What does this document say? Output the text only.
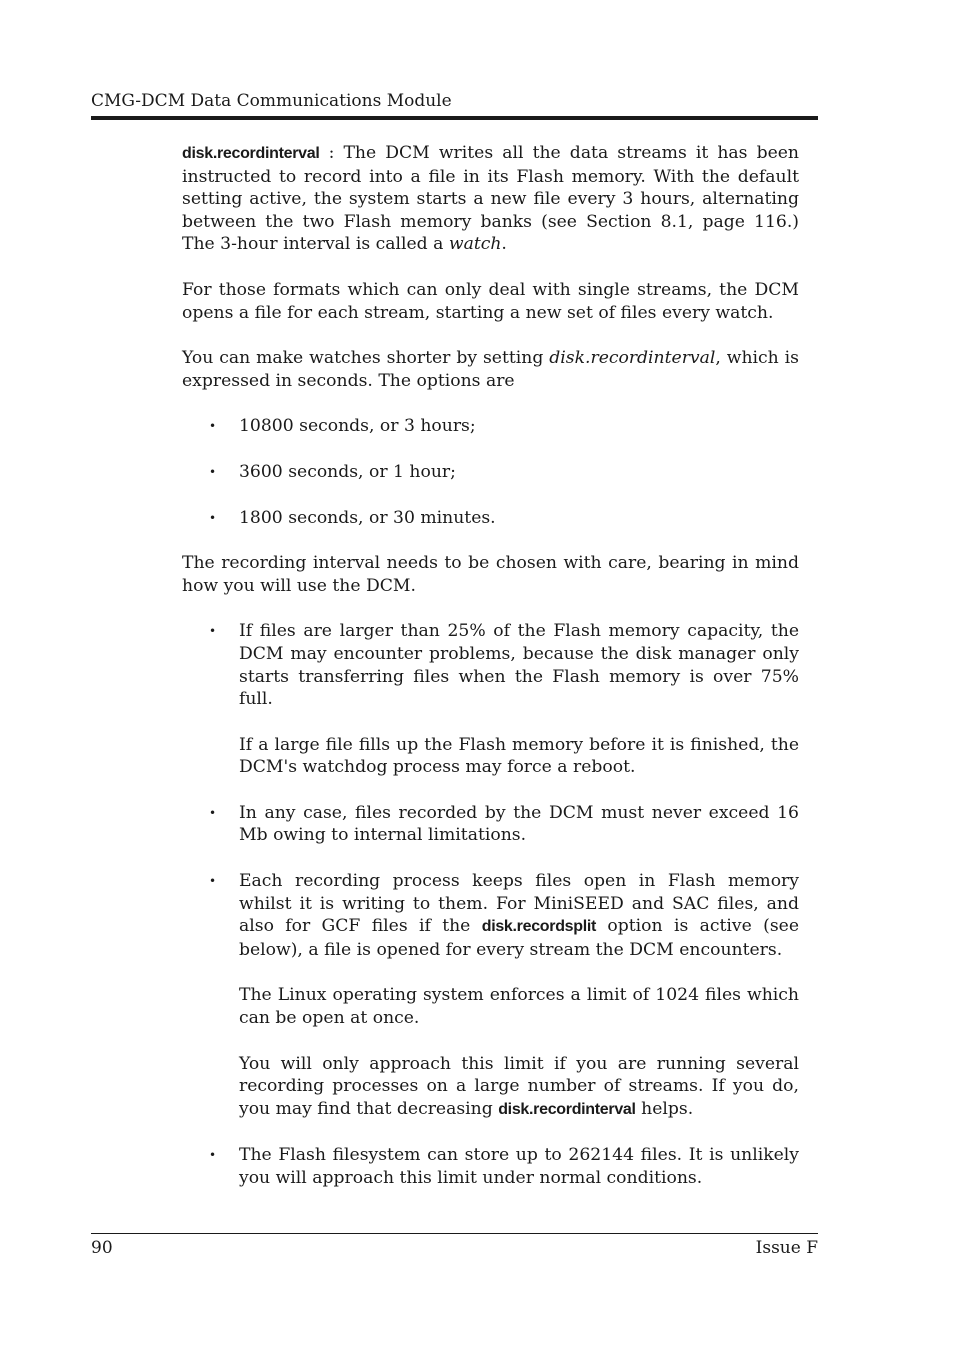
CMG-DCM Data Communications Module

disk.recordinterval : The DCM writes all the data streams it has been instructed to record into a file in its Flash memory. With the default setting active, the system starts a new file every 3 hours, alternating between the two Flash memory banks (see Section 8.1, page 116.) The 3-hour interval is called a watch.

For those formats which can only deal with single streams, the DCM opens a file for each stream, starting a new set of files every watch.

You can make watches shorter by setting disk.recordinterval, which is expressed in seconds. The options are

• 10800 seconds, or 3 hours;
• 3600 seconds, or 1 hour;
• 1800 seconds, or 30 minutes.

The recording interval needs to be chosen with care, bearing in mind how you will use the DCM.

• If files are larger than 25% of the Flash memory capacity, the DCM may encounter problems, because the disk manager only starts transferring files when the Flash memory is over 75% full.

If a large file fills up the Flash memory before it is finished, the DCM's watchdog process may force a reboot.

• In any case, files recorded by the DCM must never exceed 16 Mb owing to internal limitations.

• Each recording process keeps files open in Flash memory whilst it is writing to them. For MiniSEED and SAC files, and also for GCF files if the disk.recordsplit option is active (see below), a file is opened for every stream the DCM encounters.

The Linux operating system enforces a limit of 1024 files which can be open at once.

You will only approach this limit if you are running several recording processes on a large number of streams. If you do, you may find that decreasing disk.recordinterval helps.

• The Flash filesystem can store up to 262144 files. It is unlikely you will approach this limit under normal conditions.

90	Issue F
